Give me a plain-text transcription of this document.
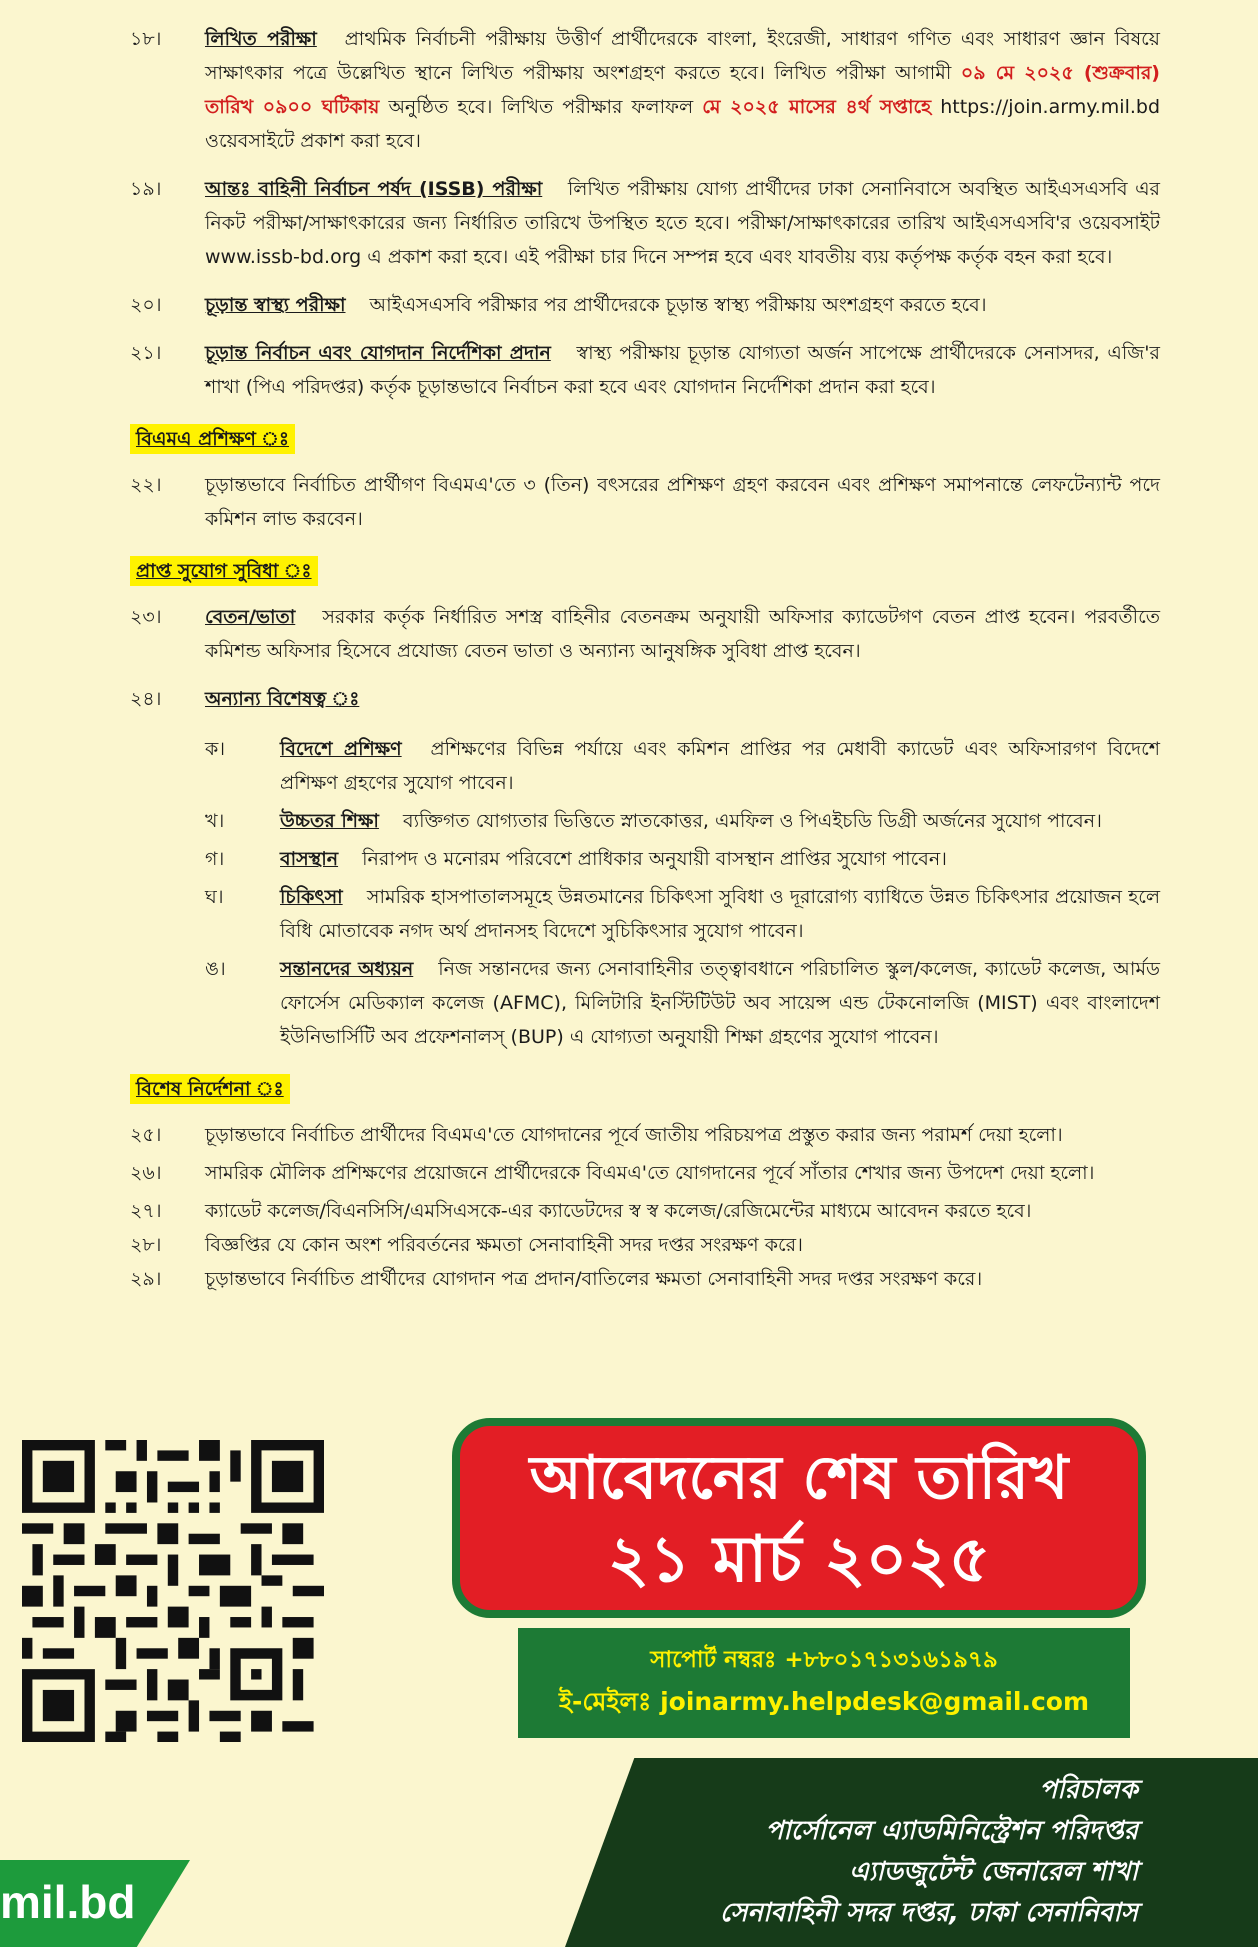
১৮। লিখিত পরীক্ষা প্রাথমিক নির্বাচনী পরীক্ষায় উত্তীর্ণ প্রার্থীদেরকে বাংলা, ইংরেজী, সাধারণ গণিত এবং সাধারণ জ্ঞান বিষয়ে সাক্ষাৎকার পত্রে উল্লেখিত স্থানে লিখিত পরীক্ষায় অংশগ্রহণ করতে হবে। লিখিত পরীক্ষা আগামী ০৯ মে ২০২৫ (শুক্রবার) তারিখ ০৯০০ ঘটিকায় অনুষ্ঠিত হবে। লিখিত পরীক্ষার ফলাফল মে ২০২৫ মাসের ৪র্থ সপ্তাহে https://join.army.mil.bd ওয়েবসাইটে প্রকাশ করা হবে।
১৯। আন্তঃ বাহিনী নির্বাচন পর্ষদ (ISSB) পরীক্ষা লিখিত পরীক্ষায় যোগ্য প্রার্থীদের ঢাকা সেনানিবাসে অবস্থিত আইএসএসবি এর নিকট পরীক্ষা/সাক্ষাৎকারের জন্য নির্ধারিত তারিখে উপস্থিত হতে হবে। পরীক্ষা/সাক্ষাৎকারের তারিখ আইএসএসবি'র ওয়েবসাইট www.issb-bd.org এ প্রকাশ করা হবে। এই পরীক্ষা চার দিনে সম্পন্ন হবে এবং যাবতীয় ব্যয় কর্তৃপক্ষ কর্তৃক বহন করা হবে।
২০। চূড়ান্ত স্বাস্থ্য পরীক্ষা আইএসএসবি পরীক্ষার পর প্রার্থীদেরকে চূড়ান্ত স্বাস্থ্য পরীক্ষায় অংশগ্রহণ করতে হবে।
২১। চূড়ান্ত নির্বাচন এবং যোগদান নির্দেশিকা প্রদান স্বাস্থ্য পরীক্ষায় চূড়ান্ত যোগ্যতা অর্জন সাপেক্ষে প্রার্থীদেরকে সেনাসদর, এজি'র শাখা (পিএ পরিদপ্তর) কর্তৃক চূড়ান্তভাবে নির্বাচন করা হবে এবং যোগদান নির্দেশিকা প্রদান করা হবে।
বিএমএ প্রশিক্ষণ ঃ
২২। চূড়ান্তভাবে নির্বাচিত প্রার্থীগণ বিএমএ'তে ৩ (তিন) বৎসরের প্রশিক্ষণ গ্রহণ করবেন এবং প্রশিক্ষণ সমাপনান্তে লেফটেন্যান্ট পদে কমিশন লাভ করবেন।
প্রাপ্ত সুযোগ সুবিধা ঃ
২৩। বেতন/ভাতা সরকার কর্তৃক নির্ধারিত সশস্ত্র বাহিনীর বেতনক্রম অনুযায়ী অফিসার ক্যাডেটগণ বেতন প্রাপ্ত হবেন। পরবর্তীতে কমিশন্ড অফিসার হিসেবে প্রযোজ্য বেতন ভাতা ও অন্যান্য আনুষঙ্গিক সুবিধা প্রাপ্ত হবেন।
২৪। অন্যান্য বিশেষত্ব ঃ
ক।	বিদেশে প্রশিক্ষণ প্রশিক্ষণের বিভিন্ন পর্যায়ে এবং কমিশন প্রাপ্তির পর মেধাবী ক্যাডেট এবং অফিসারগণ বিদেশে প্রশিক্ষণ গ্রহণের সুযোগ পাবেন।
খ।	উচ্চতর শিক্ষা ব্যক্তিগত যোগ্যতার ভিত্তিতে স্নাতকোত্তর, এমফিল ও পিএইচডি ডিগ্রী অর্জনের সুযোগ পাবেন।
গ।	বাসস্থান নিরাপদ ও মনোরম পরিবেশে প্রাধিকার অনুযায়ী বাসস্থান প্রাপ্তির সুযোগ পাবেন।
ঘ।	চিকিৎসা সামরিক হাসপাতালসমূহে উন্নতমানের চিকিৎসা সুবিধা ও দূরারোগ্য ব্যাধিতে উন্নত চিকিৎসার প্রয়োজন হলে বিধি মোতাবেক নগদ অর্থ প্রদানসহ বিদেশে সুচিকিৎসার সুযোগ পাবেন।
ঙ।	সন্তানদের অধ্যয়ন নিজ সন্তানদের জন্য সেনাবাহিনীর তত্ত্বাবধানে পরিচালিত স্কুল/কলেজ, ক্যাডেট কলেজ, আর্মড ফোর্সেস মেডিক্যাল কলেজ (AFMC), মিলিটারি ইনস্টিটিউট অব সায়েন্স এন্ড টেকনোলজি (MIST) এবং বাংলাদেশ ইউনিভার্সিটি অব প্রফেশনালস্ (BUP) এ যোগ্যতা অনুযায়ী শিক্ষা গ্রহণের সুযোগ পাবেন।
বিশেষ নির্দেশনা ঃ
২৫। চূড়ান্তভাবে নির্বাচিত প্রার্থীদের বিএমএ'তে যোগদানের পূর্বে জাতীয় পরিচয়পত্র প্রস্তুত করার জন্য পরামর্শ দেয়া হলো।
২৬। সামরিক মৌলিক প্রশিক্ষণের প্রয়োজনে প্রার্থীদেরকে বিএমএ'তে যোগদানের পূর্বে সাঁতার শেখার জন্য উপদেশ দেয়া হলো।
২৭। ক্যাডেট কলেজ/বিএনসিসি/এমসিএসকে-এর ক্যাডেটদের স্ব স্ব কলেজ/রেজিমেন্টের মাধ্যমে আবেদন করতে হবে।
২৮। বিজ্ঞপ্তির যে কোন অংশ পরিবর্তনের ক্ষমতা সেনাবাহিনী সদর দপ্তর সংরক্ষণ করে।
২৯। চূড়ান্তভাবে নির্বাচিত প্রার্থীদের যোগদান পত্র প্রদান/বাতিলের ক্ষমতা সেনাবাহিনী সদর দপ্তর সংরক্ষণ করে।
আবেদনের শেষ তারিখ
২১ মার্চ ২০২৫
সাপোর্ট নম্বরঃ +৮৮০১৭১৩১৬১৯৭৯
ই-মেইলঃ joinarmy.helpdesk@gmail.com
পরিচালক
পার্সোনেল এ্যাডমিনিস্ট্রেশন পরিদপ্তর
এ্যাডজুটেন্ট জেনারেল শাখা
সেনাবাহিনী সদর দপ্তর, ঢাকা সেনানিবাস
mil.bd
